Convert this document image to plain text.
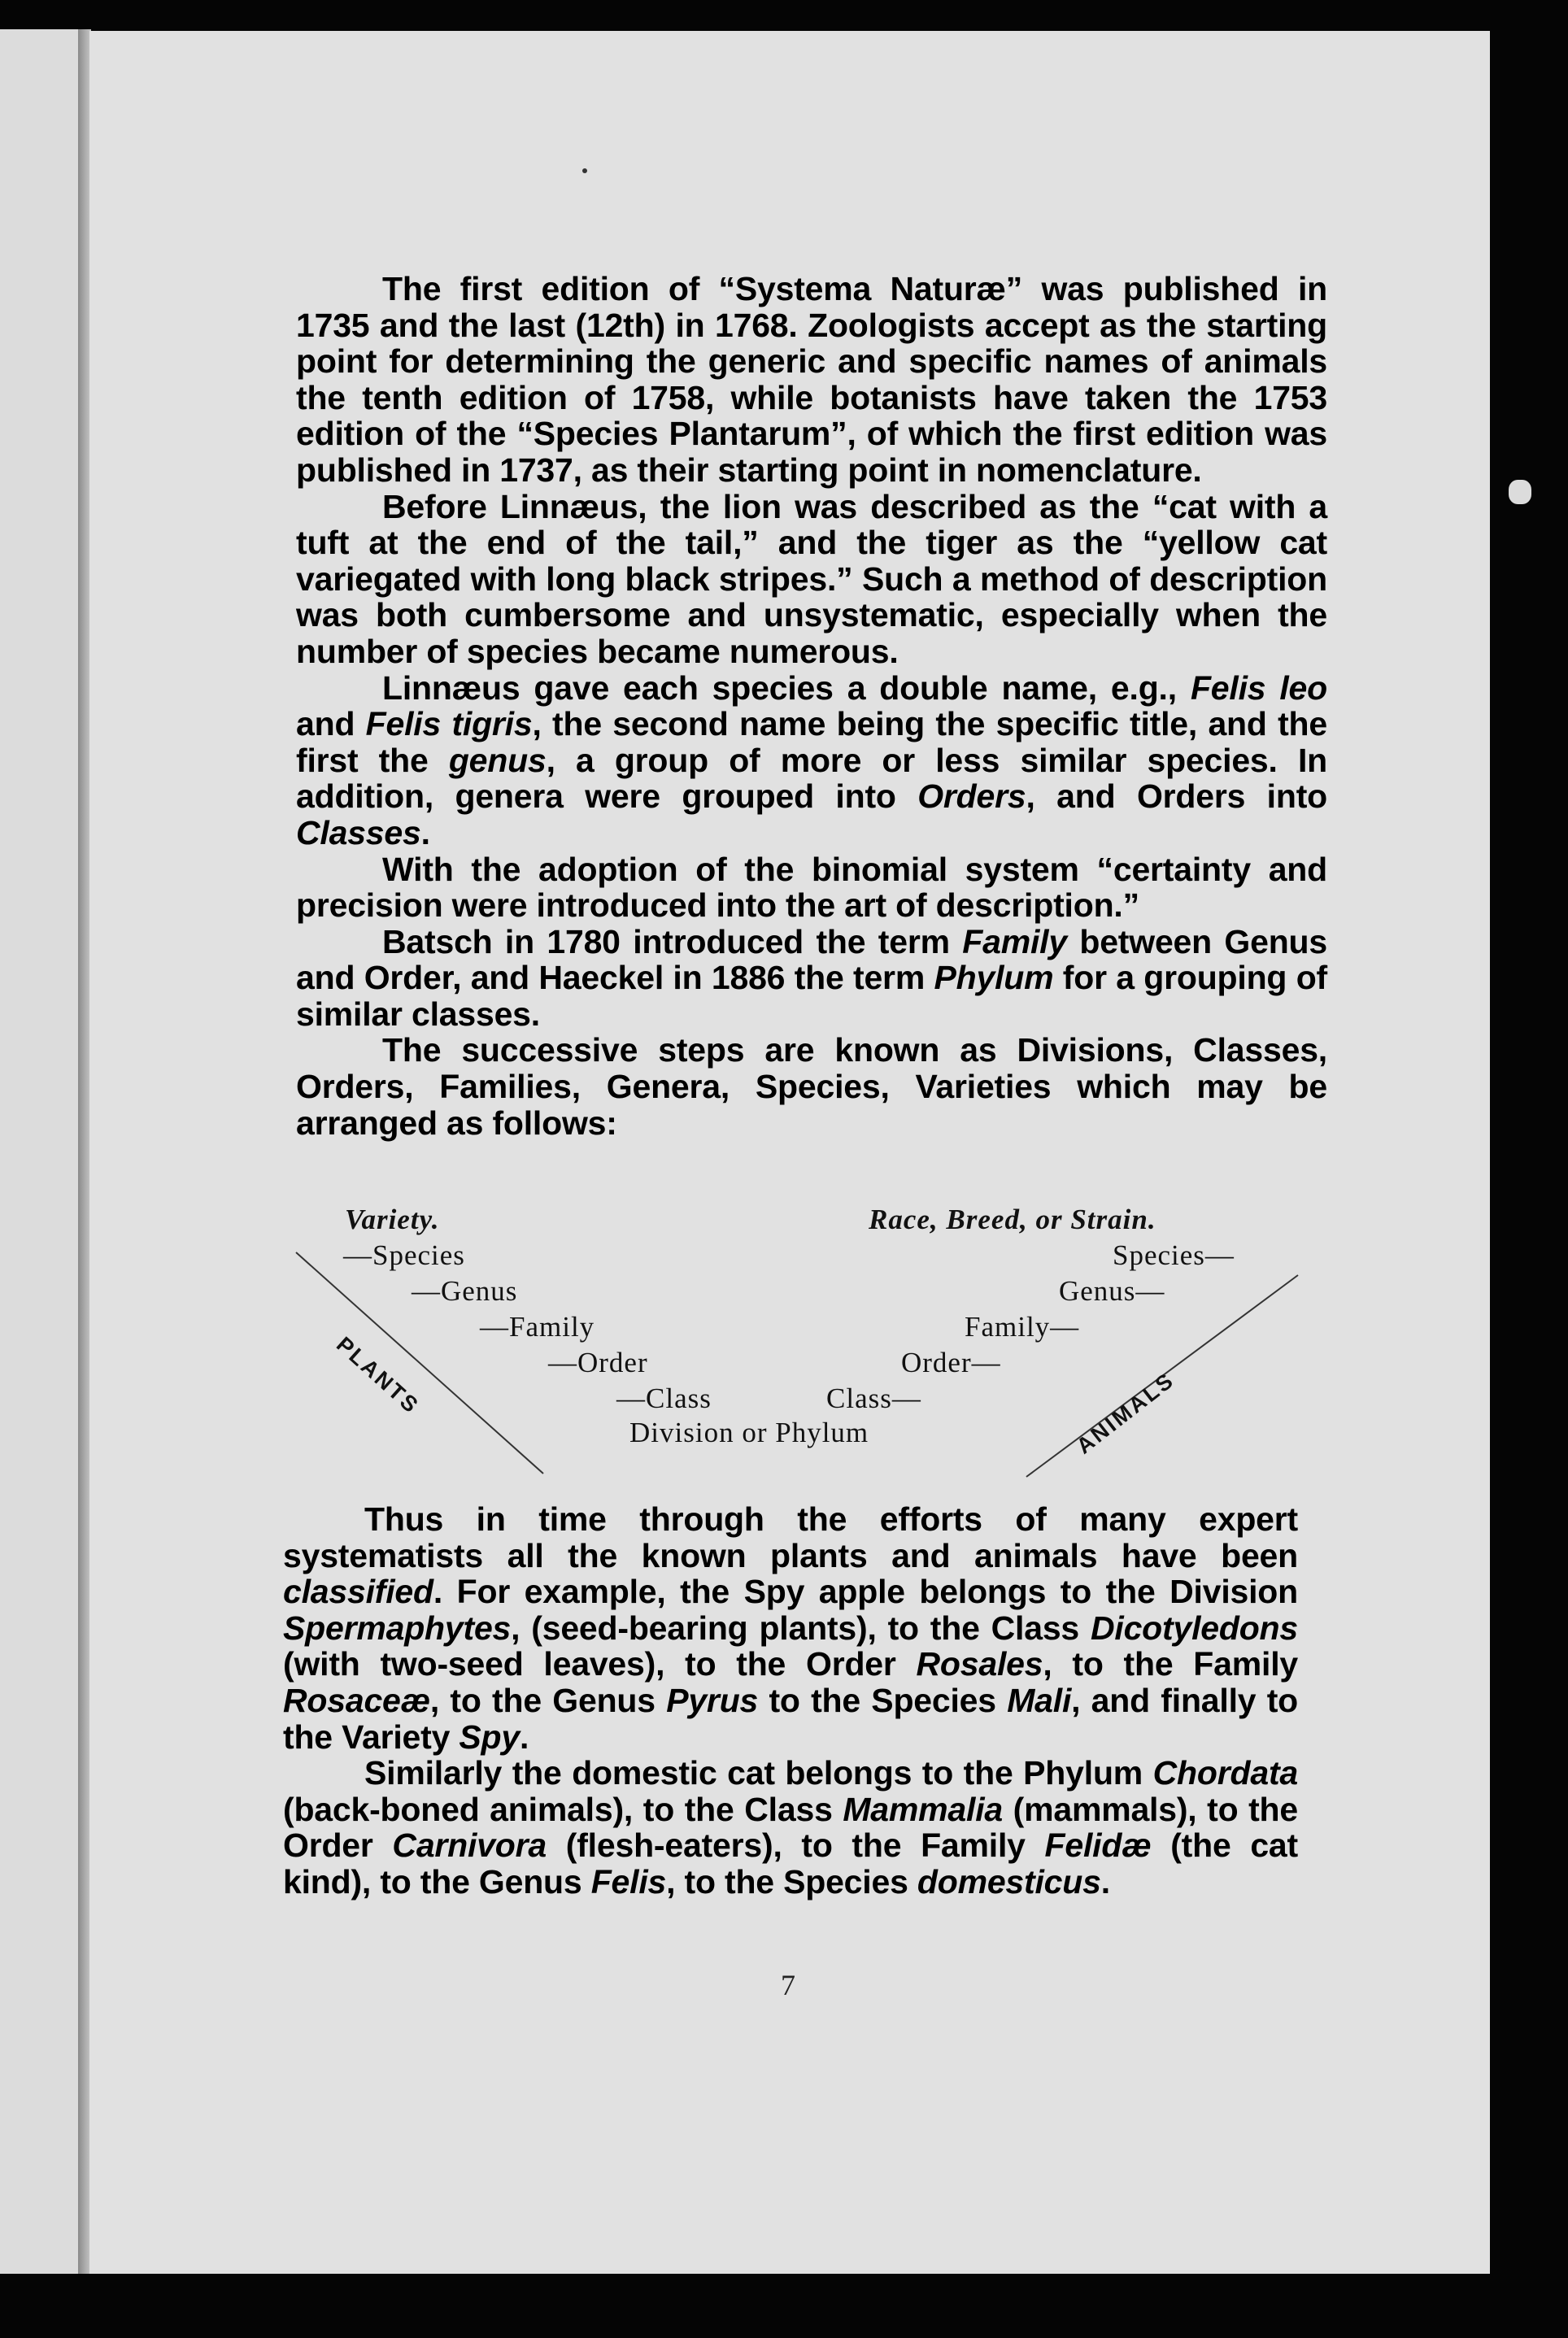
The first edition of “Systema Naturæ” was published in 1735 and the last (12th) in 1768. Zoologists accept as the starting point for determining the generic and specific names of animals the tenth edition of 1758, while botanists have taken the 1753 edition of the “Species Plantarum”, of which the first edition was published in 1737, as their starting point in nomenclature.

Before Linnæus, the lion was described as the “cat with a tuft at the end of the tail,” and the tiger as the “yellow cat variegated with long black stripes.” Such a method of description was both cumbersome and unsystematic, especially when the number of species became numerous.

Linnæus gave each species a double name, e.g., Felis leo and Felis tigris, the second name being the specific title, and the first the genus, a group of more or less similar species. In addition, genera were grouped into Orders, and Orders into Classes.

With the adoption of the binomial system “certainty and precision were introduced into the art of description.”

Batsch in 1780 introduced the term Family between Genus and Order, and Haeckel in 1886 the term Phylum for a grouping of similar classes.

The successive steps are known as Divisions, Classes, Orders, Families, Genera, Species, Varieties which may be arranged as follows:

Variety.
—Species
—Genus
—Family
—Order
—Class
Race, Breed, or Strain.
Species—
Genus—
Family—
Order—
Class—
Division or Phylum
PLANTS	ANIMALS

Thus in time through the efforts of many expert systematists all the known plants and animals have been classified. For example, the Spy apple belongs to the Division Spermaphytes, (seed-bearing plants), to the Class Dicotyledons (with two-seed leaves), to the Order Rosales, to the Family Rosaceæ, to the Genus Pyrus to the Species Mali, and finally to the Variety Spy.

Similarly the domestic cat belongs to the Phylum Chordata (back-boned animals), to the Class Mammalia (mammals), to the Order Carnivora (flesh-eaters), to the Family Felidæ (the cat kind), to the Genus Felis, to the Species domesticus.

7
